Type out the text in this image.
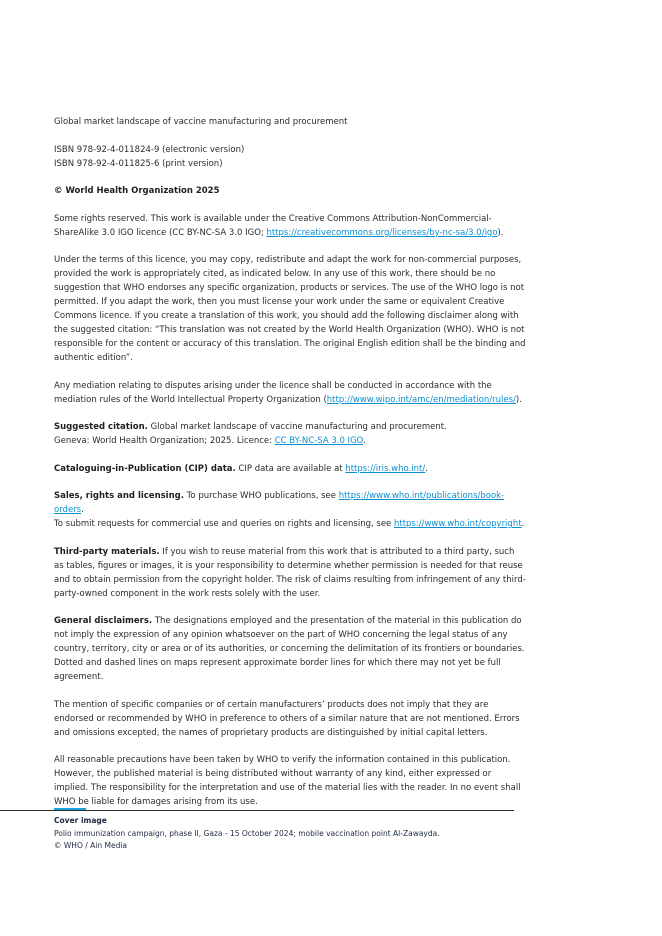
Global market landscape of vaccine manufacturing and procurement

ISBN 978-92-4-011824-9 (electronic version)
ISBN 978-92-4-011825-6 (print version)

© World Health Organization 2025

Some rights reserved. This work is available under the Creative Commons Attribution-NonCommercial-ShareAlike 3.0 IGO licence (CC BY-NC-SA 3.0 IGO; https://creativecommons.org/licenses/by-nc-sa/3.0/igo).

Under the terms of this licence, you may copy, redistribute and adapt the work for non-commercial purposes, provided the work is appropriately cited, as indicated below. In any use of this work, there should be no suggestion that WHO endorses any specific organization, products or services. The use of the WHO logo is not permitted. If you adapt the work, then you must license your work under the same or equivalent Creative Commons licence. If you create a translation of this work, you should add the following disclaimer along with the suggested citation: “This translation was not created by the World Health Organization (WHO). WHO is not responsible for the content or accuracy of this translation. The original English edition shall be the binding and authentic edition”.

Any mediation relating to disputes arising under the licence shall be conducted in accordance with the mediation rules of the World Intellectual Property Organization (http://www.wipo.int/amc/en/mediation/rules/).

Suggested citation. Global market landscape of vaccine manufacturing and procurement.
Geneva: World Health Organization; 2025. Licence: CC BY-NC-SA 3.0 IGO.

Cataloguing-in-Publication (CIP) data. CIP data are available at https://iris.who.int/.

Sales, rights and licensing. To purchase WHO publications, see https://www.who.int/publications/book-orders.
To submit requests for commercial use and queries on rights and licensing, see https://www.who.int/copyright.

Third-party materials. If you wish to reuse material from this work that is attributed to a third party, such as tables, figures or images, it is your responsibility to determine whether permission is needed for that reuse and to obtain permission from the copyright holder. The risk of claims resulting from infringement of any third-party-owned component in the work rests solely with the user.

General disclaimers. The designations employed and the presentation of the material in this publication do not imply the expression of any opinion whatsoever on the part of WHO concerning the legal status of any country, territory, city or area or of its authorities, or concerning the delimitation of its frontiers or boundaries. Dotted and dashed lines on maps represent approximate border lines for which there may not yet be full agreement.

The mention of specific companies or of certain manufacturers’ products does not imply that they are endorsed or recommended by WHO in preference to others of a similar nature that are not mentioned. Errors and omissions excepted, the names of proprietary products are distinguished by initial capital letters.

All reasonable precautions have been taken by WHO to verify the information contained in this publication. However, the published material is being distributed without warranty of any kind, either expressed or implied. The responsibility for the interpretation and use of the material lies with the reader. In no event shall WHO be liable for damages arising from its use.

Cover image
Polio immunization campaign, phase II, Gaza - 15 October 2024; mobile vaccination point Al-Zawayda.
© WHO / Ain Media
